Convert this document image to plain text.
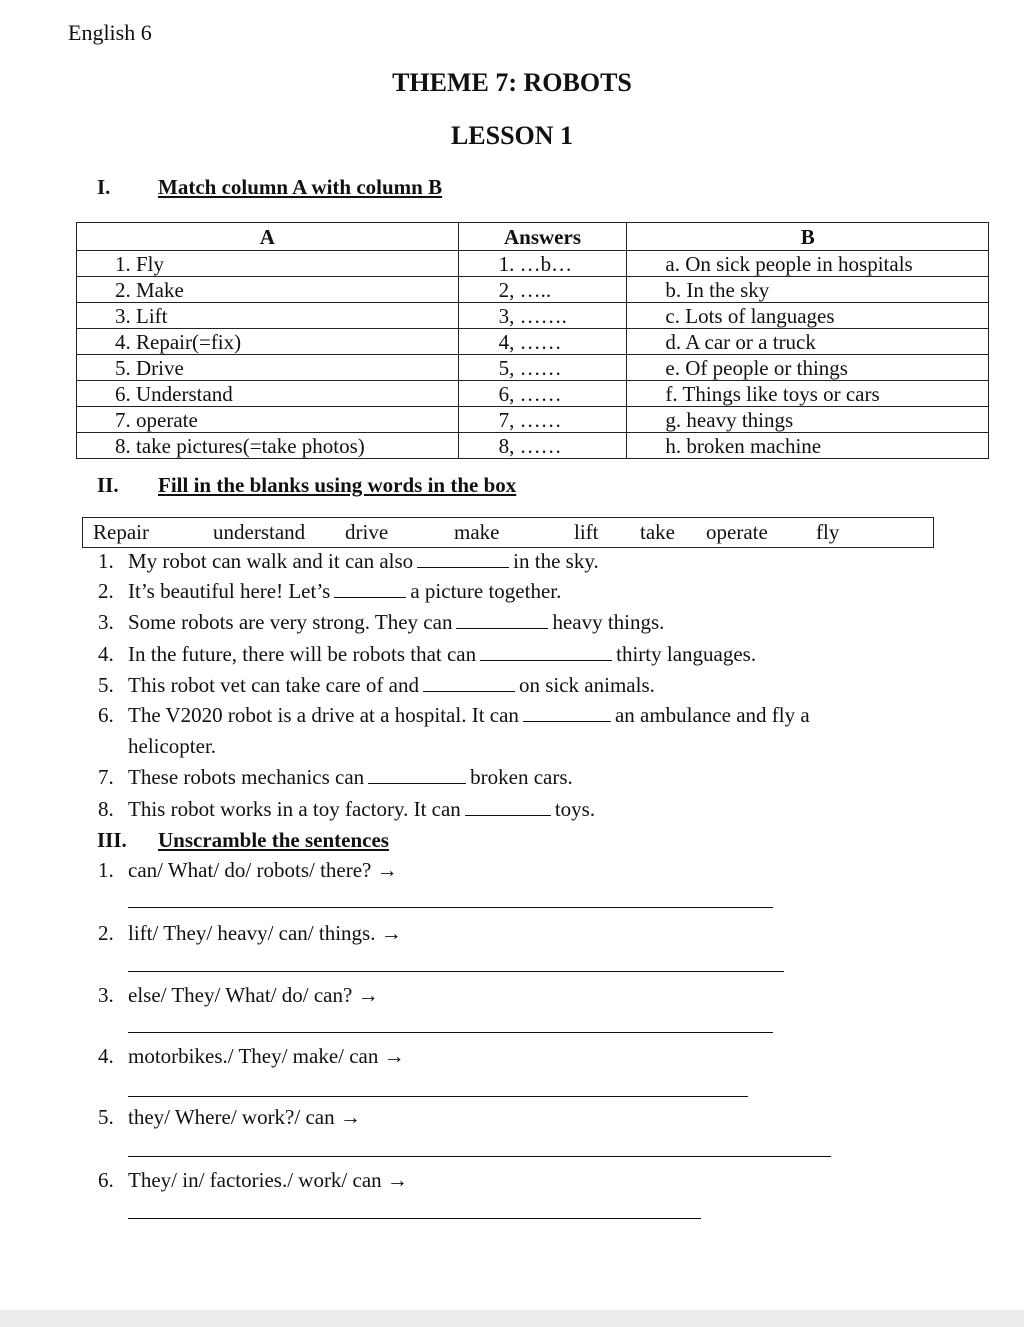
English 6
THEME 7: ROBOTS
LESSON 1
I. Match column A with column B
A	Answers	B
1. Fly	1. …b…	a. On sick people in hospitals
2. Make	2, …..	b. In the sky
3. Lift	3, …….	c. Lots of languages
4. Repair(=fix)	4, ……	d. A car or a truck
5. Drive	5, ……	e. Of people or things
6. Understand	6, ……	f. Things like toys or cars
7. operate	7, ……	g. heavy things
8. take pictures(=take photos)	8, ……	h. broken machine
II. Fill in the blanks using words in the box
Repair	understand drive	make	lift take operate fly
1. My robot can walk and it can also	in the sky.
2. It’s beautiful here! Let’s	a picture together.
3. Some robots are very strong. They can	heavy things.
4. In the future, there will be robots that can	thirty languages.
5. This robot vet can take care of and	on sick animals.
6. The V2020 robot is a drive at a hospital. It can	an ambulance and fly a
helicopter.
7. These robots mechanics can	broken cars.
8. This robot works in a toy factory. It can	toys.
III. Unscramble the sentences
1. can/ What/ do/ robots/ there? →
2. lift/ They/ heavy/ can/ things. →
3. else/ They/ What/ do/ can? →
4. motorbikes./ They/ make/ can →
5. they/ Where/ work?/ can →
6. They/ in/ factories./ work/ can →
